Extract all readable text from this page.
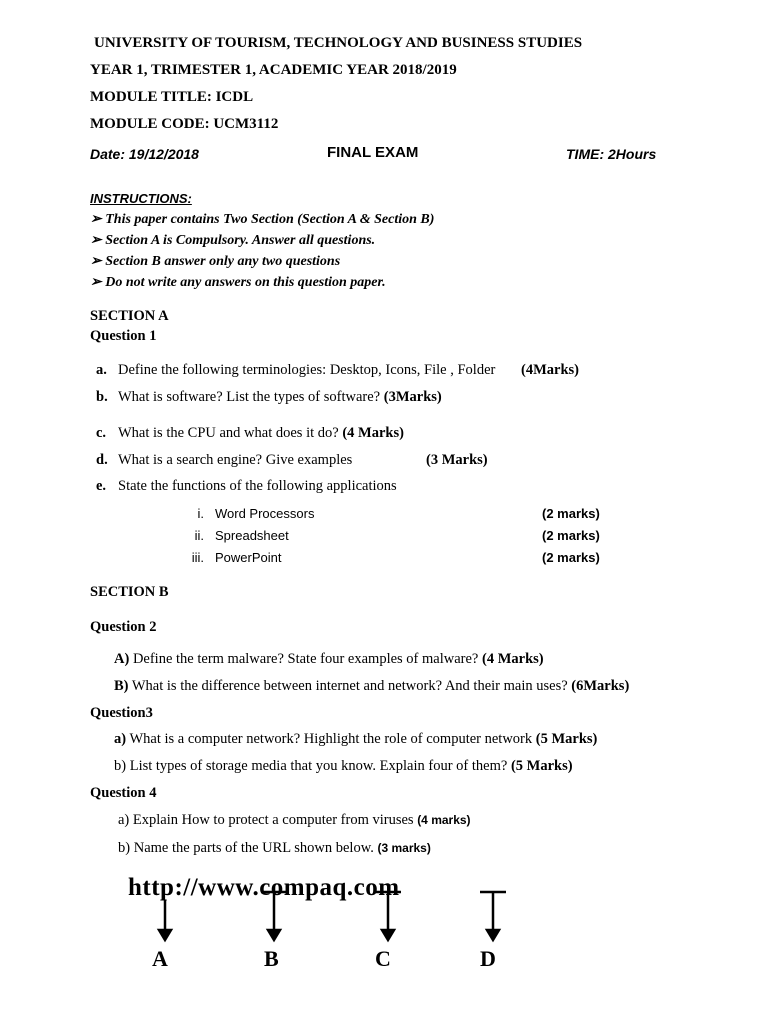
UNIVERSITY OF TOURISM, TECHNOLOGY AND BUSINESS STUDIES
YEAR 1, TRIMESTER 1, ACADEMIC YEAR 2018/2019
MODULE TITLE: ICDL
MODULE CODE: UCM3112
Date: 19/12/2018	FINAL EXAM	TIME: 2Hours
INSTRUCTIONS:
➢ This paper contains Two Section (Section A & Section B)
➢ Section A is Compulsory. Answer all questions.
➢ Section B answer only any two questions
➢ Do not write any answers on this question paper.
SECTION A
Question 1
a. Define the following terminologies: Desktop, Icons, File , Folder (4Marks)
b. What is software? List the types of software? (3Marks)
c. What is the CPU and what does it do? (4 Marks)
d. What is a search engine? Give examples	(3 Marks)
e. State the functions of the following applications
i. Word Processors	(2 marks)
ii. Spreadsheet	(2 marks)
iii. PowerPoint	(2 marks)
SECTION B
Question 2
A) Define the term malware? State four examples of malware? (4 Marks)
B) What is the difference between internet and network? And their main uses? (6Marks)
Question3
a) What is a computer network? Highlight the role of computer network (5 Marks)
b) List types of storage media that you know. Explain four of them? (5 Marks)
Question 4
a) Explain How to protect a computer from viruses (4 marks)
b) Name the parts of the URL shown below. (3 marks)
http://www.compaq.com
A	B	C	D
